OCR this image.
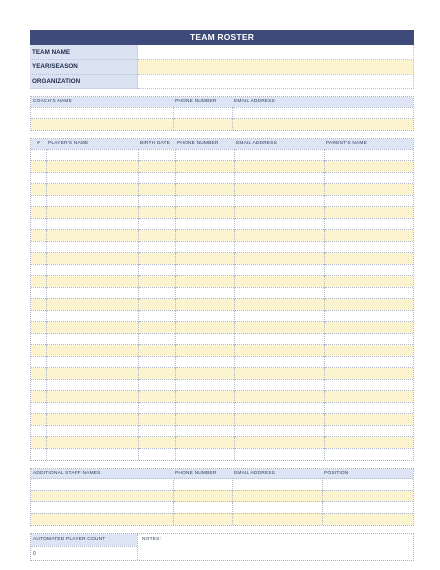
TEAM ROSTER
TEAM NAME	
YEAR/SEASON	
ORGANIZATION	
COACH'S NAME	PHONE NUMBER	EMAIL ADDRESS

#	PLAYER'S NAME	BIRTH DATE	PHONE NUMBER	EMAIL ADDRESS	PARENT'S NAME

ADDITIONAL STAFF NAMES	PHONE NUMBER	EMAIL ADDRESS	POSITION

AUTOMATED PLAYER COUNT
0
NOTES:
